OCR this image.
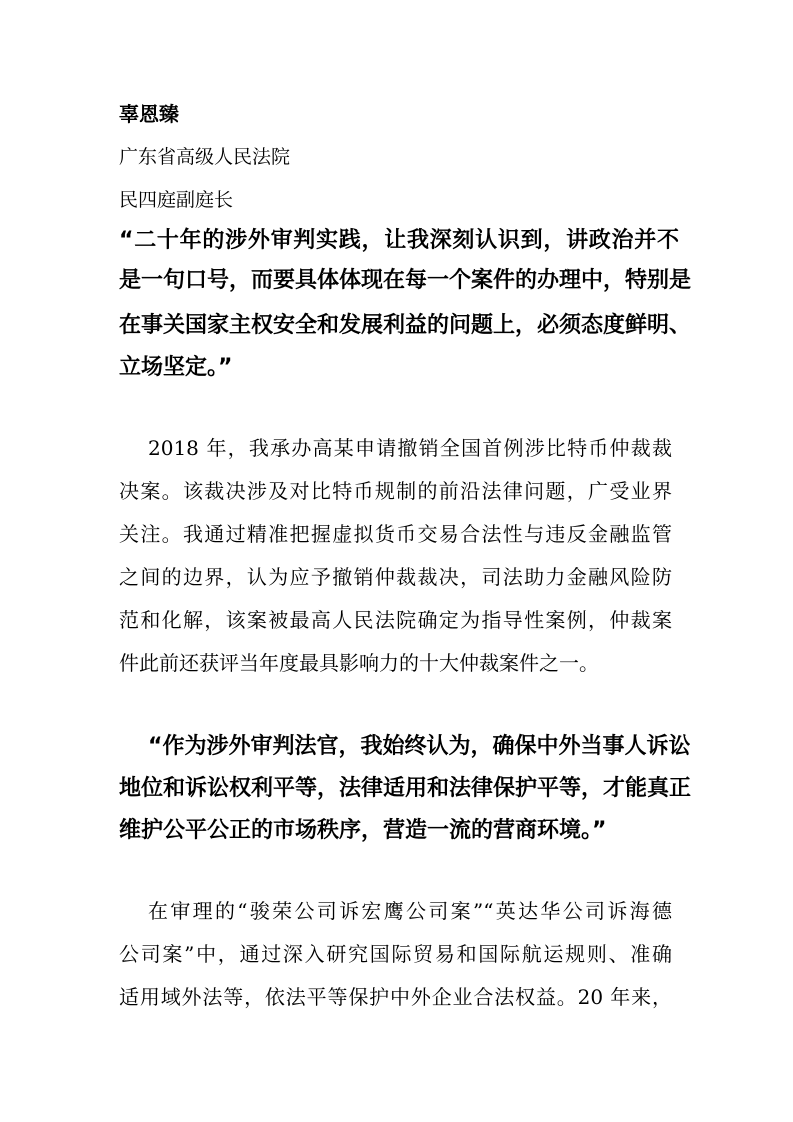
辜恩臻
广东省高级人民法院
民四庭副庭长
“二十年的涉外审判实践，让我深刻认识到，讲政治并不
是一句口号，而要具体体现在每一个案件的办理中，特别是
在事关国家主权安全和发展利益的问题上，必须态度鲜明、
立场坚定。”
2018 年，我承办高某申请撤销全国首例涉比特币仲裁裁
决案。该裁决涉及对比特币规制的前沿法律问题，广受业界
关注。我通过精准把握虚拟货币交易合法性与违反金融监管
之间的边界，认为应予撤销仲裁裁决，司法助力金融风险防
范和化解，该案被最高人民法院确定为指导性案例，仲裁案
件此前还获评当年度最具影响力的十大仲裁案件之一。
“作为涉外审判法官，我始终认为，确保中外当事人诉讼
地位和诉讼权利平等，法律适用和法律保护平等，才能真正
维护公平公正的市场秩序，营造一流的营商环境。”
在审理的“骏荣公司诉宏鹰公司案”“英达华公司诉海德
公司案”中，通过深入研究国际贸易和国际航运规则、准确
适用域外法等，依法平等保护中外企业合法权益。20 年来，
